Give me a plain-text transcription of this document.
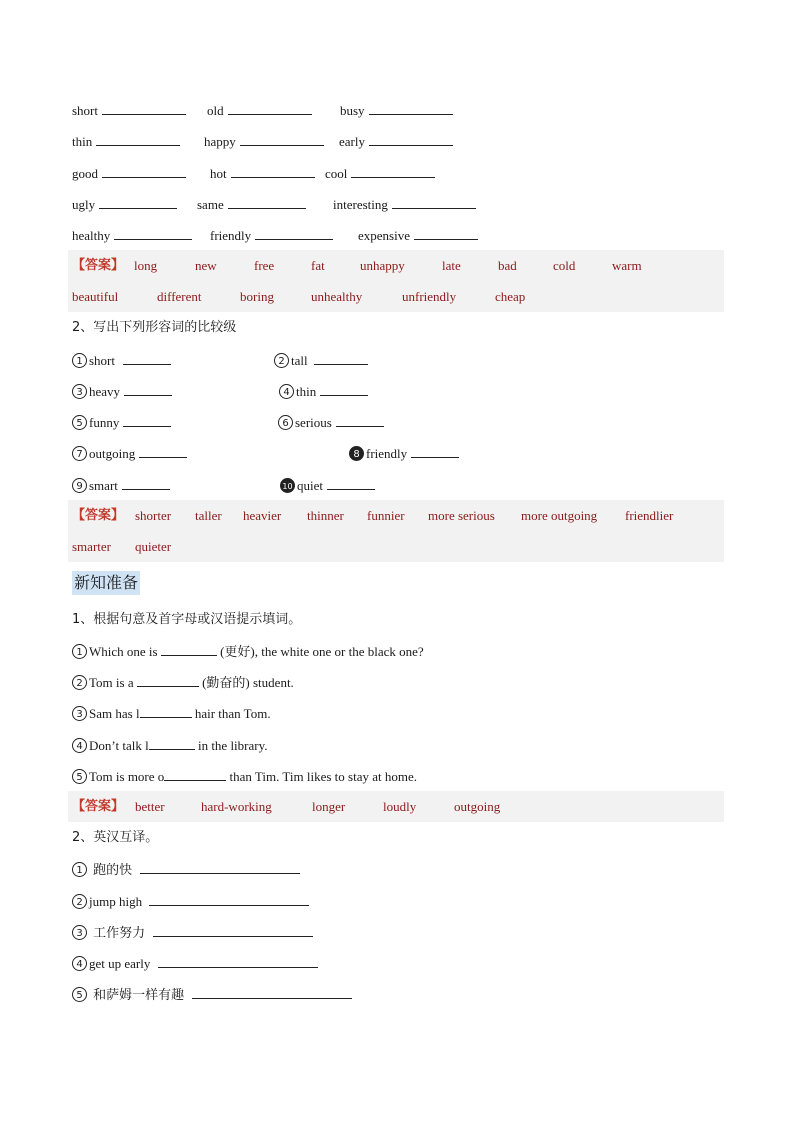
short	old	busy
thin	happy	early
good	hot	cool
ugly	same	interesting
healthy	friendly	expensive
【答案】 long	new	free	fat	unhappy	late	bad	cold	warm
beautiful	different	boring	unhealthy	unfriendly	cheap
2、写出下列形容词的比较级
1 short	2 tall
3 heavy	4 thin
5 funny	6 serious
7 outgoing	8 friendly
9 smart	10 quiet
【答案】 shorter taller heavier thinner funnier more serious more outgoing friendlier
smarter quieter
新知准备
1、根据句意及首字母或汉语提示填词。
1 Which one is	(更好), the white one or the black one?
2 Tom is a	(勤奋的) student.
3 Sam has l	hair than Tom.
4 Don’t talk l	in the library.
5 Tom is more o	than Tim. Tim likes to stay at home.
【答案】 better	hard-working	longer	loudly	outgoing
2、英汉互译。
1 跑的快
2 jump high
3 工作努力
4 get up early
5 和萨姆一样有趣
